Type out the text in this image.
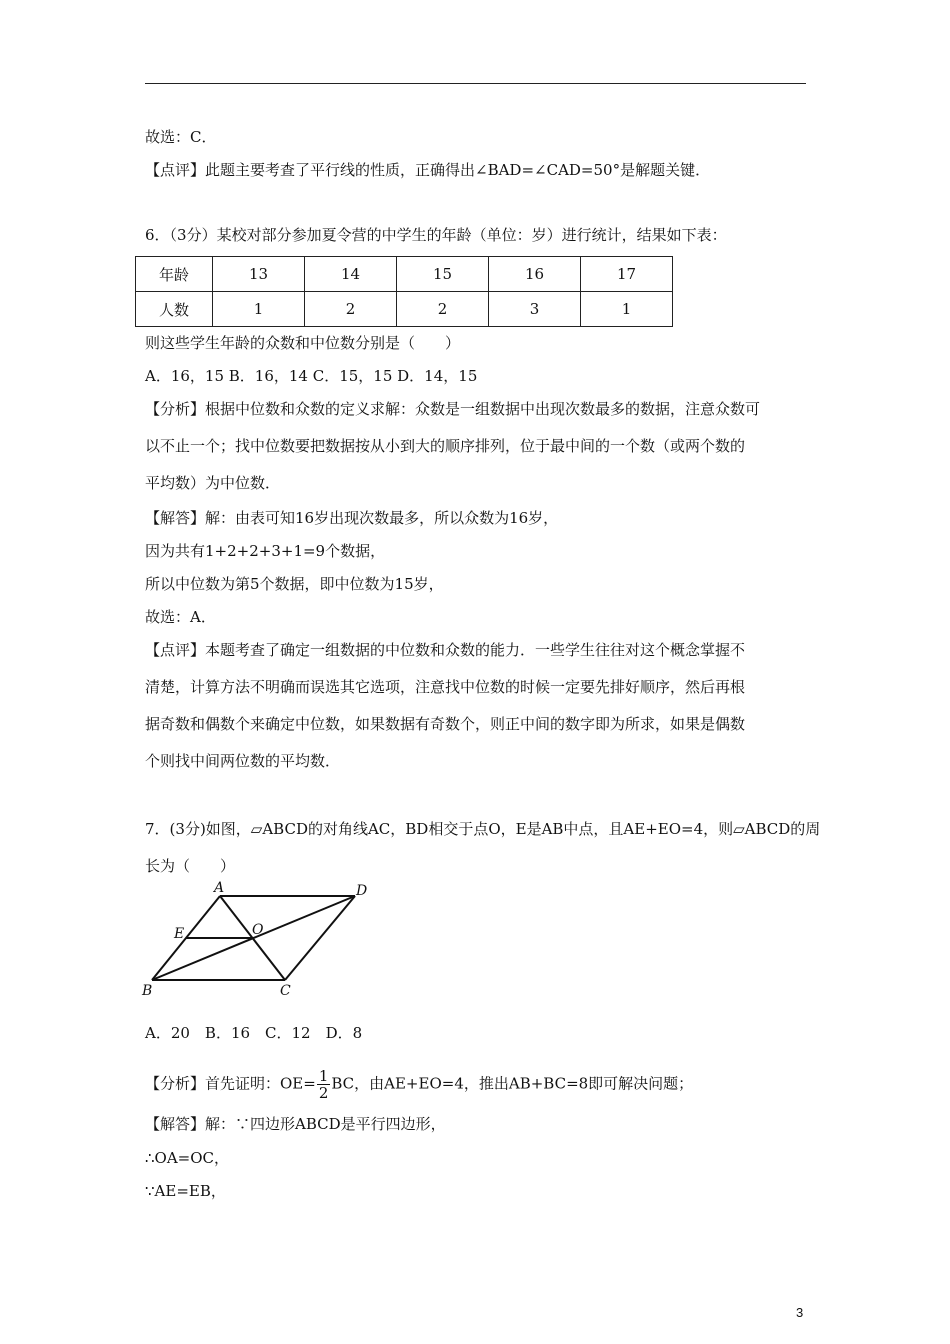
故选：C．
【点评】此题主要考查了平行线的性质，正确得出∠BAD=∠CAD=50°是解题关键．
6．（3分）某校对部分参加夏令营的中学生的年龄（单位：岁）进行统计，结果如下表：
年龄	13	14	15	16	17
人数	1	2	2	3	1
则这些学生年龄的众数和中位数分别是（　　）
A．16，15 B．16，14 C．15，15 D．14，15
【分析】根据中位数和众数的定义求解：众数是一组数据中出现次数最多的数据，注意众数可
以不止一个；找中位数要把数据按从小到大的顺序排列，位于最中间的一个数（或两个数的
平均数）为中位数．
【解答】解：由表可知16岁出现次数最多，所以众数为16岁，
因为共有1+2+2+3+1=9个数据，
所以中位数为第5个数据，即中位数为15岁，
故选：A．
【点评】本题考查了确定一组数据的中位数和众数的能力．一些学生往往对这个概念掌握不
清楚，计算方法不明确而误选其它选项，注意找中位数的时候一定要先排好顺序，然后再根
据奇数和偶数个来确定中位数，如果数据有奇数个，则正中间的数字即为所求，如果是偶数
个则找中间两位数的平均数．
7．(3分)如图，▱ABCD的对角线AC，BD相交于点O，E是AB中点，且AE+EO=4，则▱ABCD的周
长为（　　）
A	D
E	O
B	C
A．20　B．16　C．12　D．8
【分析】首先证明：$OE= \frac{1}{2}$ BC，由AE+EO=4，推出AB+BC=8即可解决问题；
【解答】解：∵四边形ABCD是平行四边形，
∴OA=OC，
∵AE=EB，
3
